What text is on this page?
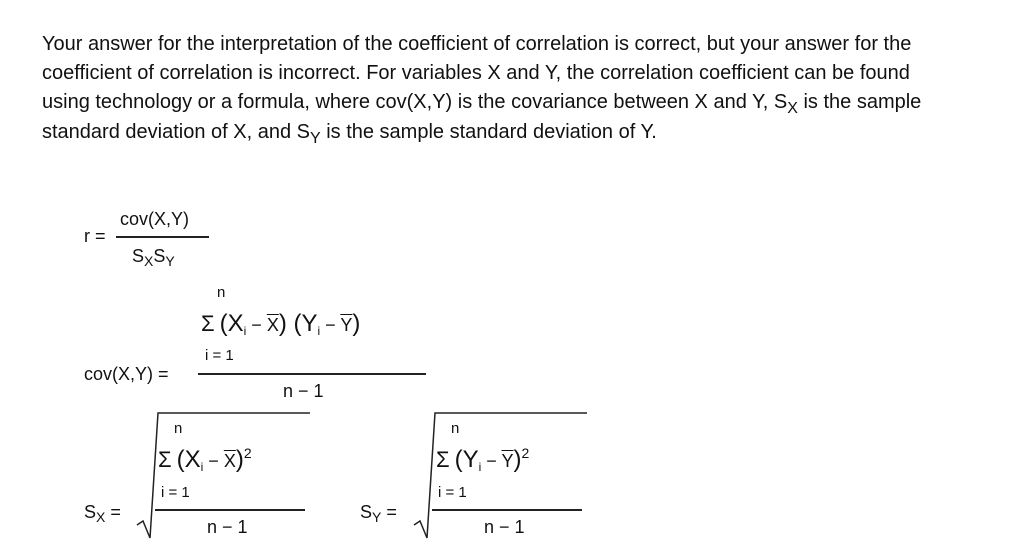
Your answer for the interpretation of the coefficient of correlation is correct, but your answer for the coefficient of correlation is incorrect. For variables X and Y, the correlation coefficient can be found using technology or a formula, where cov(X,Y) is the covariance between X and Y, $S_X$ is the sample standard deviation of X, and $S_Y$ is the sample standard deviation of Y.
r =
cov(X,Y)
$S_XS_Y$
cov(X,Y) =
n
Σ $(X_i - \overline{X}) (Y_i - \overline{Y})$
i = 1
n − 1
$S_X$ =
n
Σ $(X_i - \overline{X})^2$
i = 1
n − 1
$S_Y$ =
n
Σ $(Y_i - \overline{Y})^2$
i = 1
n − 1
